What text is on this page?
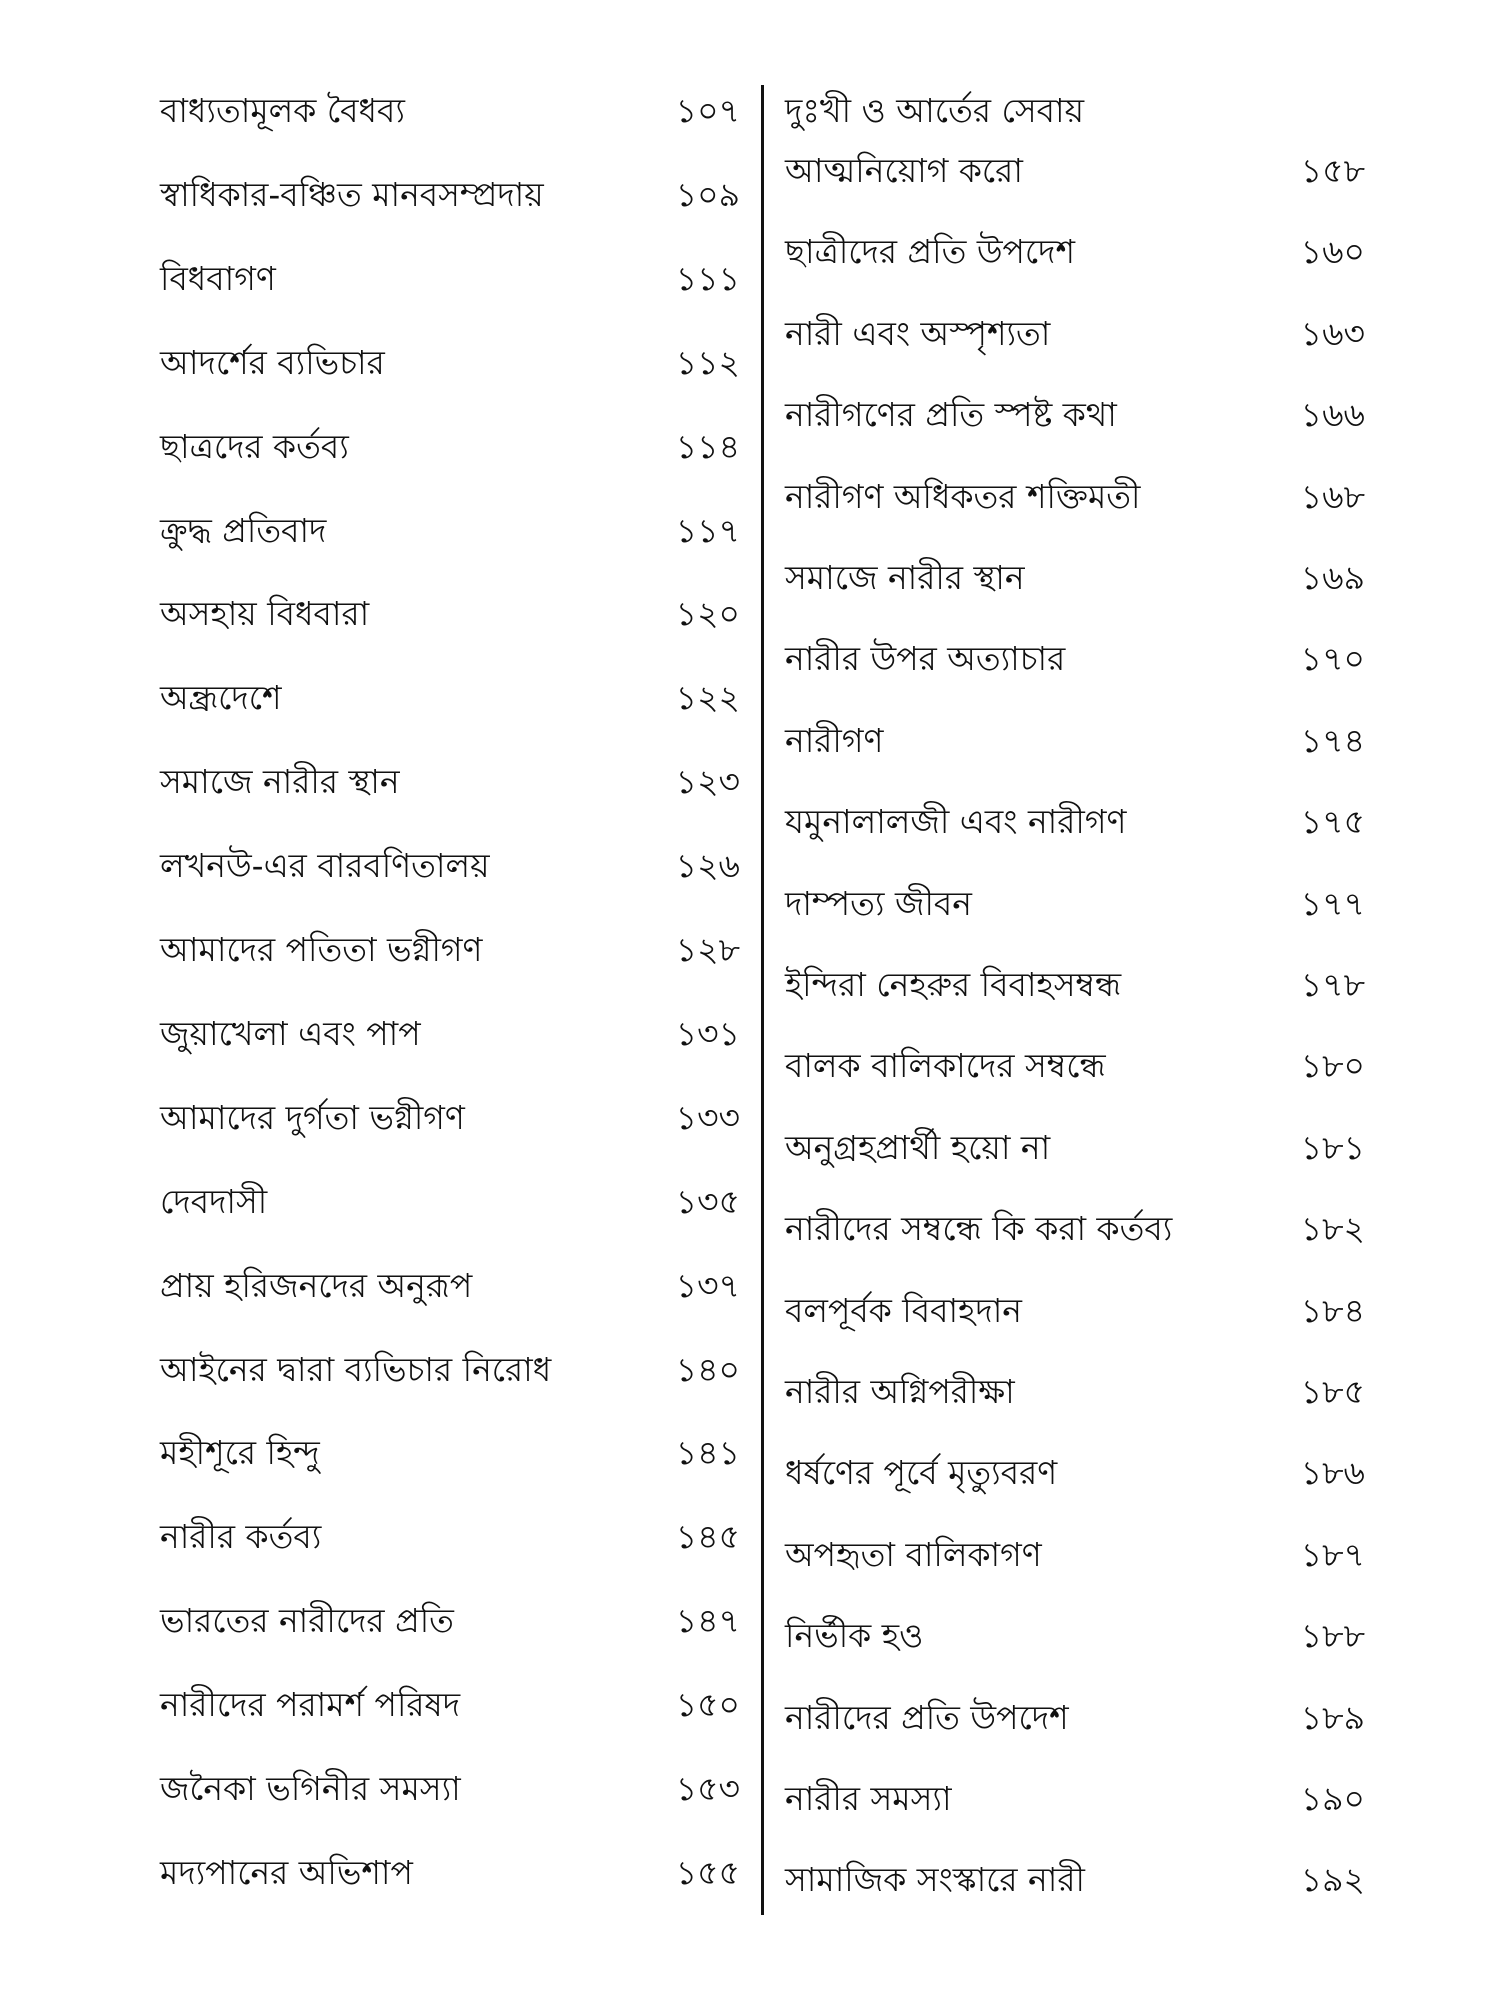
বাধ্যতামূলক বৈধব্য	১০৭
স্বাধিকার-বঞ্চিত মানবসম্প্রদায়	১০৯
বিধবাগণ	১১১
আদর্শের ব্যভিচার	১১২
ছাত্রদের কর্তব্য	১১৪
ক্রুদ্ধ প্রতিবাদ	১১৭
অসহায় বিধবারা	১২০
অন্ধ্রদেশে	১২২
সমাজে নারীর স্থান	১২৩
লখনউ-এর বারবণিতালয়	১২৬
আমাদের পতিতা ভগ্নীগণ	১২৮
জুয়াখেলা এবং পাপ	১৩১
আমাদের দুর্গতা ভগ্নীগণ	১৩৩
দেবদাসী	১৩৫
প্রায় হরিজনদের অনুরূপ	১৩৭
আইনের দ্বারা ব্যভিচার নিরোধ	১৪০
মহীশূরে হিন্দু	১৪১
নারীর কর্তব্য	১৪৫
ভারতের নারীদের প্রতি	১৪৭
নারীদের পরামর্শ পরিষদ	১৫০
জনৈকা ভগিনীর সমস্যা	১৫৩
মদ্যপানের অভিশাপ	১৫৫
দুঃখী ও আর্তের সেবায়
আত্মনিয়োগ করো	১৫৮
ছাত্রীদের প্রতি উপদেশ	১৬০
নারী এবং অস্পৃশ্যতা	১৬৩
নারীগণের প্রতি স্পষ্ট কথা	১৬৬
নারীগণ অধিকতর শক্তিমতী	১৬৮
সমাজে নারীর স্থান	১৬৯
নারীর উপর অত্যাচার	১৭০
নারীগণ	১৭৪
যমুনালালজী এবং নারীগণ	১৭৫
দাম্পত্য জীবন	১৭৭
ইন্দিরা নেহরুর বিবাহসম্বন্ধ	১৭৮
বালক বালিকাদের সম্বন্ধে	১৮০
অনুগ্রহপ্রার্থী হয়ো না	১৮১
নারীদের সম্বন্ধে কি করা কর্তব্য	১৮২
বলপূর্বক বিবাহদান	১৮৪
নারীর অগ্নিপরীক্ষা	১৮৫
ধর্ষণের পূর্বে মৃত্যুবরণ	১৮৬
অপহৃতা বালিকাগণ	১৮৭
নির্ভীক হও	১৮৮
নারীদের প্রতি উপদেশ	১৮৯
নারীর সমস্যা	১৯০
সামাজিক সংস্কারে নারী	১৯২
